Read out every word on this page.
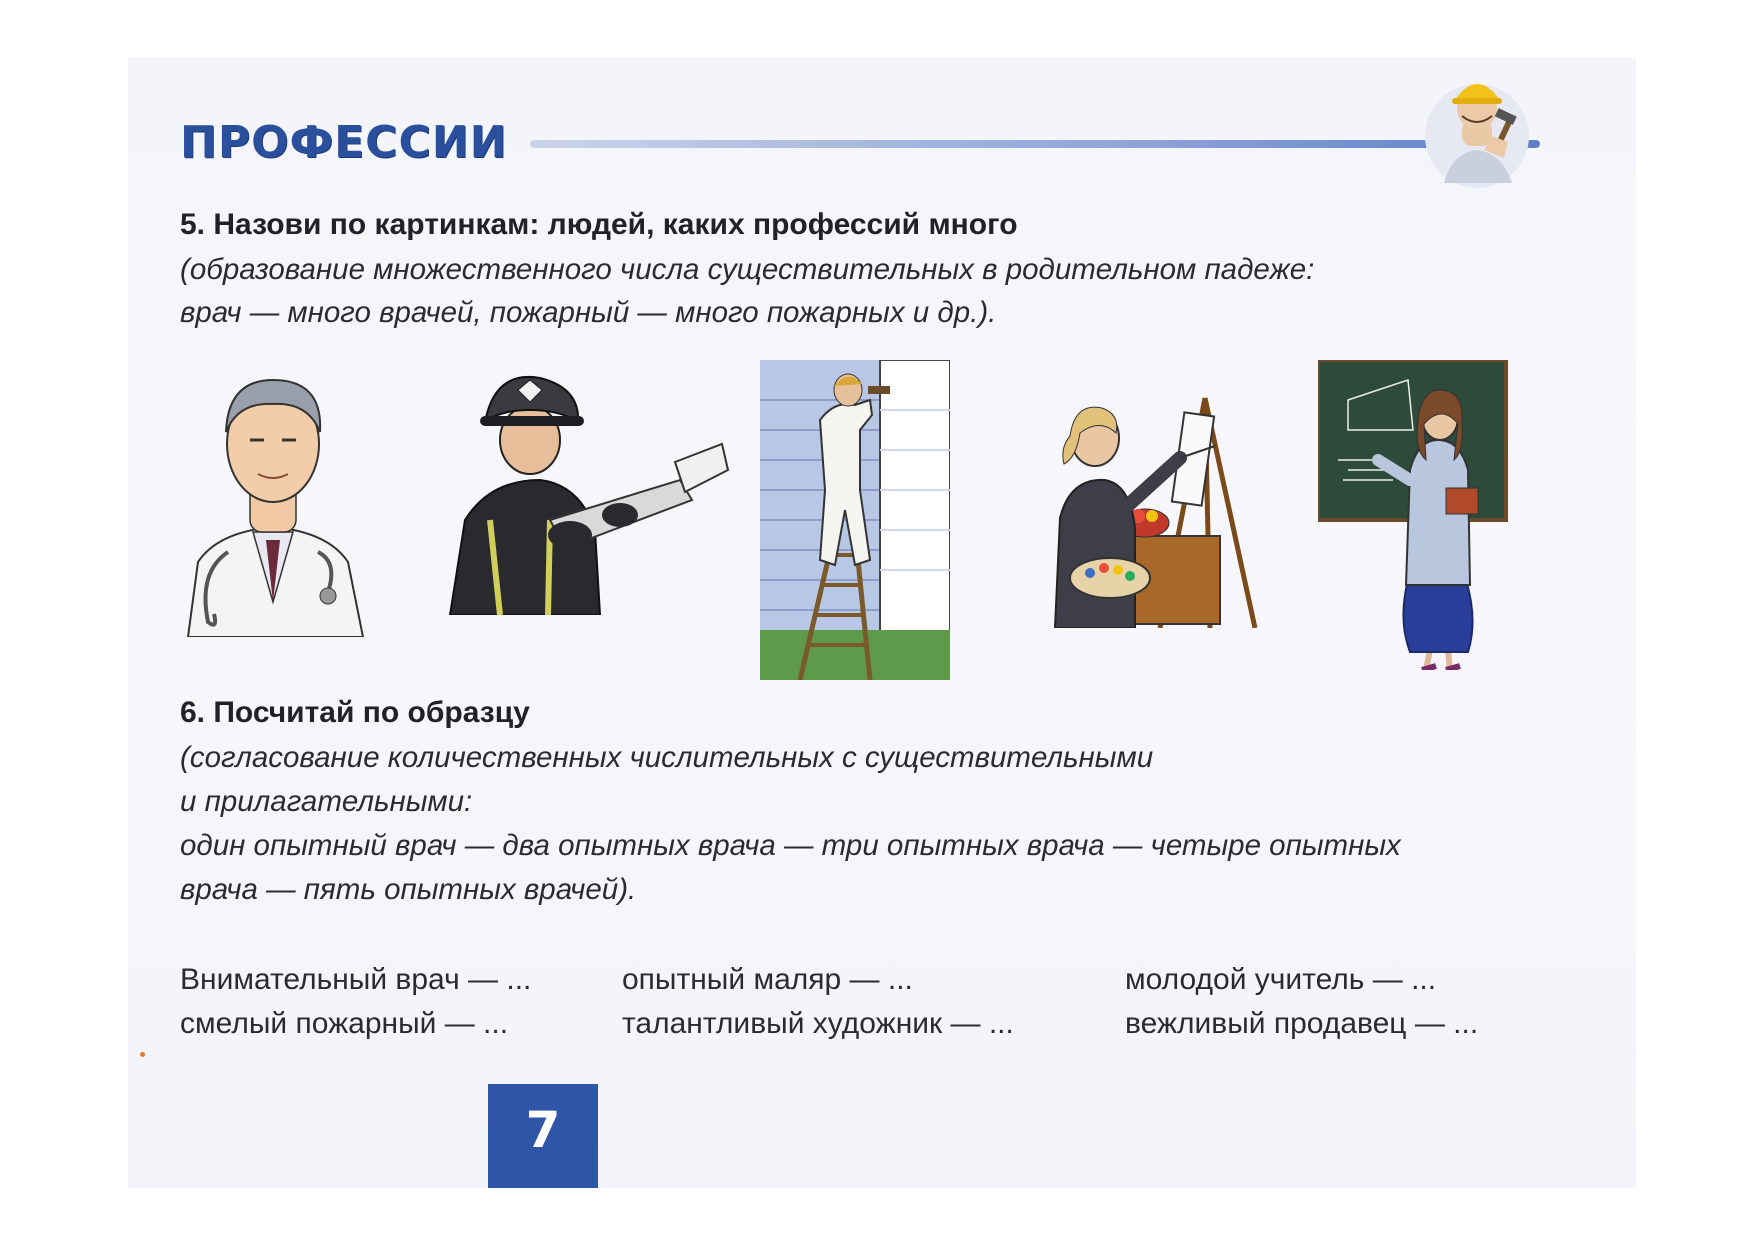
ПРОФЕССИИ
5. Назови по картинкам: людей, каких профессий много
(образование множественного числа существительных в родительном падеже:
врач — много врачей, пожарный — много пожарных и др.).
6. Посчитай по образцу
(согласование количественных числительных с существительными
и прилагательными:
один опытный врач — два опытных врача — три опытных врача — четыре опытных
врача — пять опытных врачей).
Внимательный врач — ...
смелый пожарный — ...
опытный маляр — ...
талантливый художник — ...
молодой учитель — ...
вежливый продавец — ...
7
